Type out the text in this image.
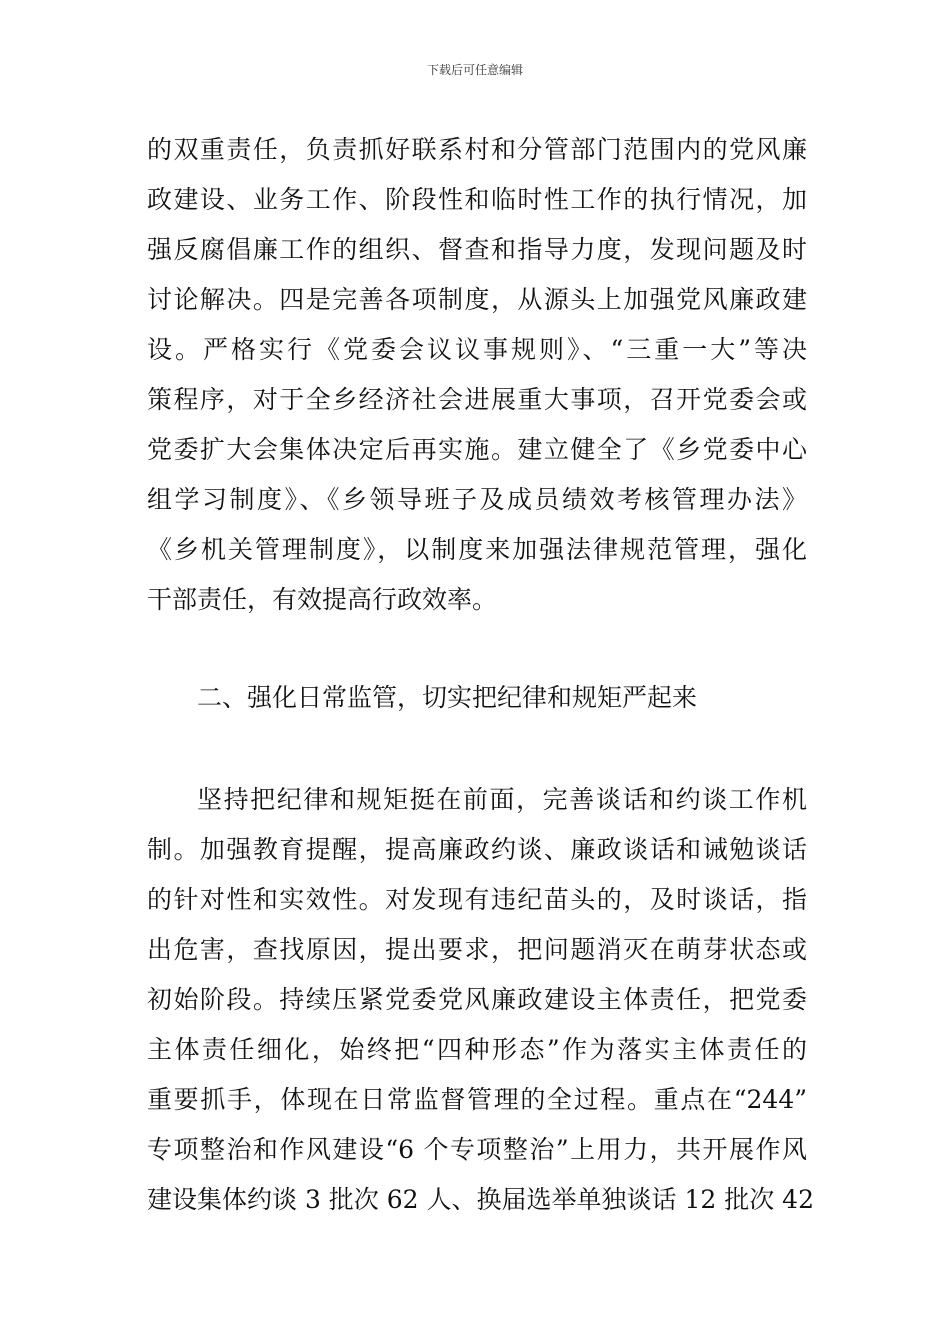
下载后可任意编辑
的双重责任，负责抓好联系村和分管部门范围内的党风廉
政建设、业务工作、阶段性和临时性工作的执行情况，加
强反腐倡廉工作的组织、督查和指导力度，发现问题及时
讨论解决。四是完善各项制度，从源头上加强党风廉政建
设。严格实行《党委会议议事规则》、“三重一大”等决
策程序，对于全乡经济社会进展重大事项，召开党委会或
党委扩大会集体决定后再实施。建立健全了《乡党委中心
组学习制度》、《乡领导班子及成员绩效考核管理办法》
《乡机关管理制度》，以制度来加强法律规范管理，强化
干部责任，有效提高行政效率。
二、强化日常监管，切实把纪律和规矩严起来
坚持把纪律和规矩挺在前面，完善谈话和约谈工作机
制。加强教育提醒，提高廉政约谈、廉政谈话和诫勉谈话
的针对性和实效性。对发现有违纪苗头的，及时谈话，指
出危害，查找原因，提出要求，把问题消灭在萌芽状态或
初始阶段。持续压紧党委党风廉政建设主体责任，把党委
主体责任细化，始终把“四种形态”作为落实主体责任的
重要抓手，体现在日常监督管理的全过程。重点在“244”
专项整治和作风建设“6 个专项整治”上用力，共开展作风
建设集体约谈 3 批次 62 人、换届选举单独谈话 12 批次 42
